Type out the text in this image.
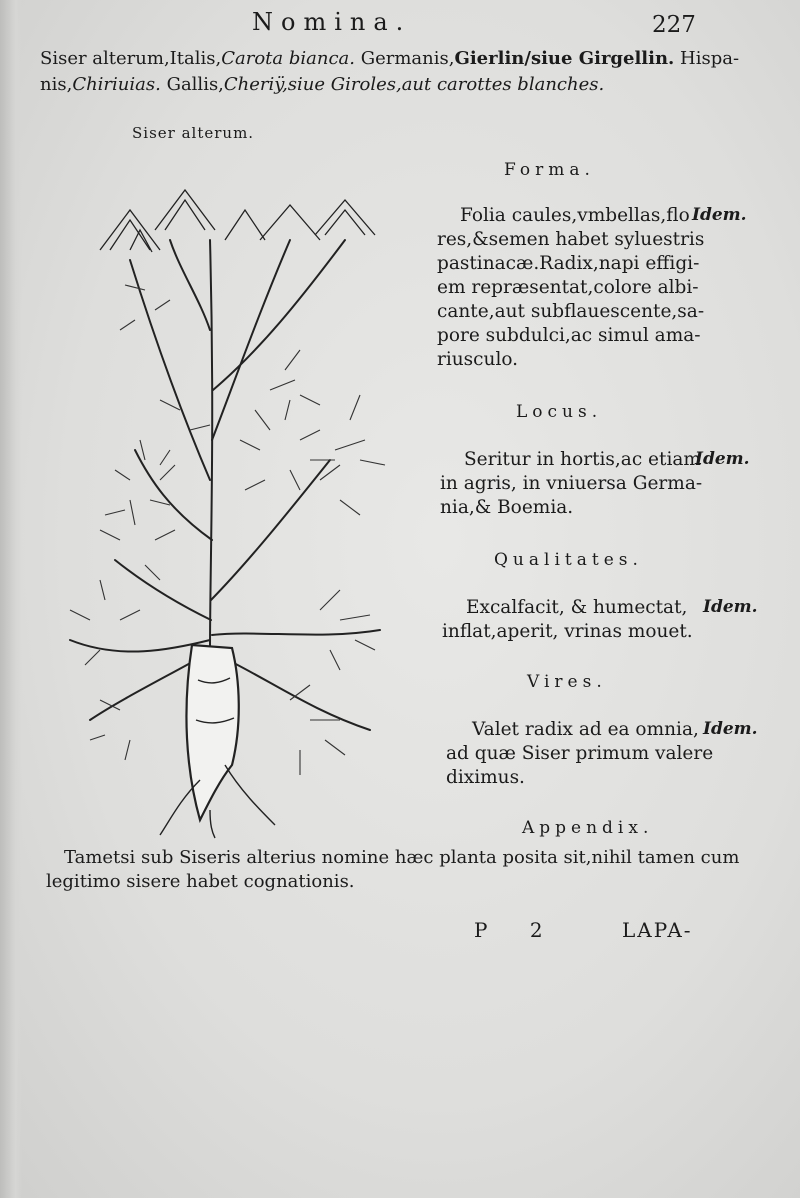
Nomina.	227
Siser alterum,Italis,Carota bianca. Germanis,Gierlin/siue Girgellin. Hispa-
nis,Chiriuias. Gallis,Cheriÿ,siue Giroles,aut carottes blanches.
Siser alterum.
Forma.
Folia caules,vmbellas,flo Idem.
res,&semen habet syluestris
pastinacæ.Radix,napi effigi-
em repræsentat,colore albi-
cante,aut subflauescente,sa-
pore subdulci,ac simul ama-
riusculo.
Locus.
Seritur in hortis,ac etiam
Idem.
in agris, in vniuersa Germa-
nia,& Boemia.
Qualitates.
Excalfacit, & humectat, Idem.
inflat,aperit, vrinas mouet.
Vires.
Valet radix ad ea omnia, Idem.
ad quæ Siser primum valere
diximus.
Appendix.
Tametsi sub Siseris alterius nomine hæc planta posita sit,nihil tamen cum
legitimo sisere habet cognationis.
P 2	LAPA-
